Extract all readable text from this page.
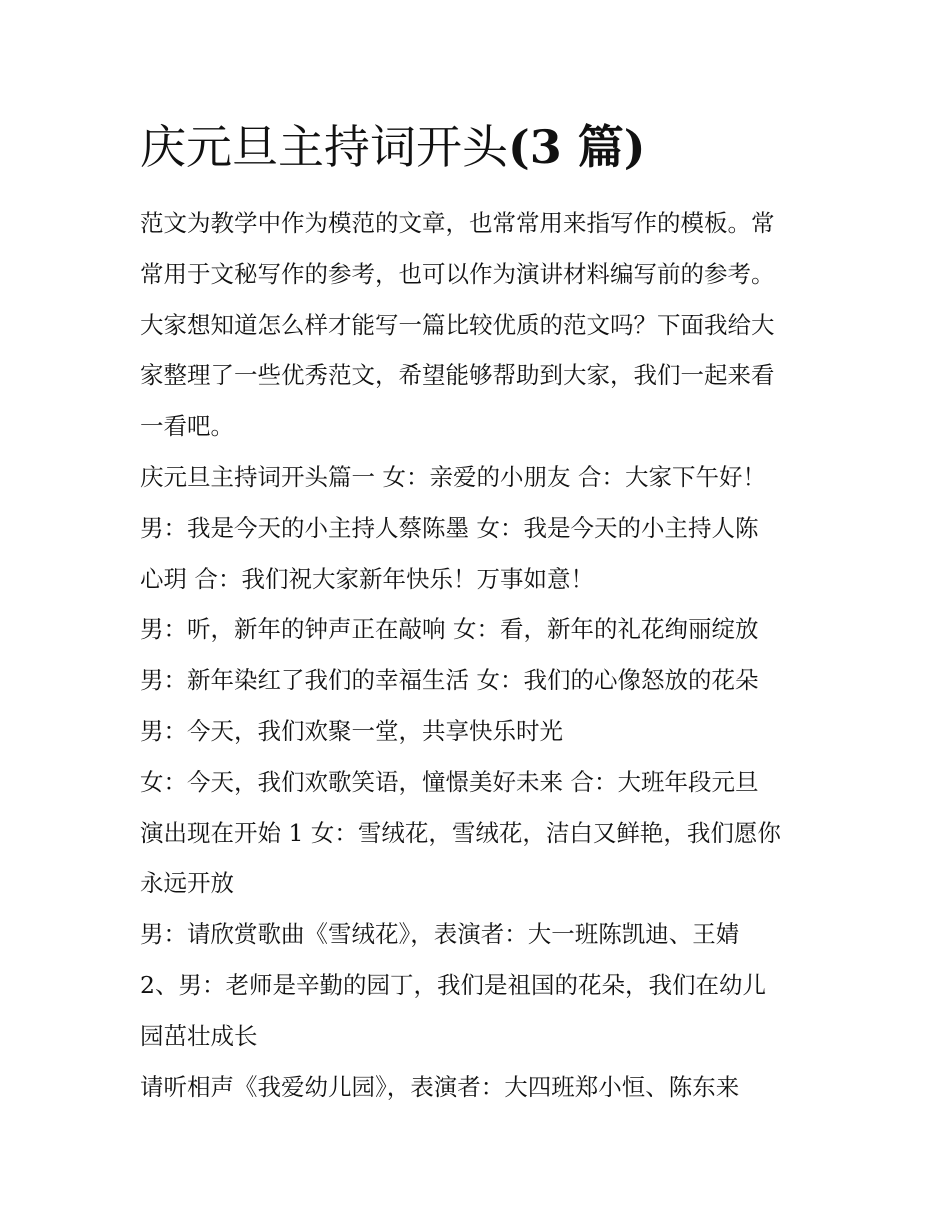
庆元旦主持词开头(3 篇)
范文为教学中作为模范的文章，也常常用来指写作的模板。常
常用于文秘写作的参考，也可以作为演讲材料编写前的参考。
大家想知道怎么样才能写一篇比较优质的范文吗？下面我给大
家整理了一些优秀范文，希望能够帮助到大家，我们一起来看
一看吧。
庆元旦主持词开头篇一 女：亲爱的小朋友 合：大家下午好！
男：我是今天的小主持人蔡陈墨 女：我是今天的小主持人陈
心玥 合：我们祝大家新年快乐！万事如意！
男：听，新年的钟声正在敲响 女：看，新年的礼花绚丽绽放
男：新年染红了我们的幸福生活 女：我们的心像怒放的花朵
男：今天，我们欢聚一堂，共享快乐时光
女：今天，我们欢歌笑语，憧憬美好未来 合：大班年段元旦
演出现在开始 1 女：雪绒花，雪绒花，洁白又鲜艳，我们愿你
永远开放
男：请欣赏歌曲《雪绒花》，表演者：大一班陈凯迪、王婧
2、男：老师是辛勤的园丁，我们是祖国的花朵，我们在幼儿
园茁壮成长
请听相声《我爱幼儿园》，表演者：大四班郑小恒、陈东来
